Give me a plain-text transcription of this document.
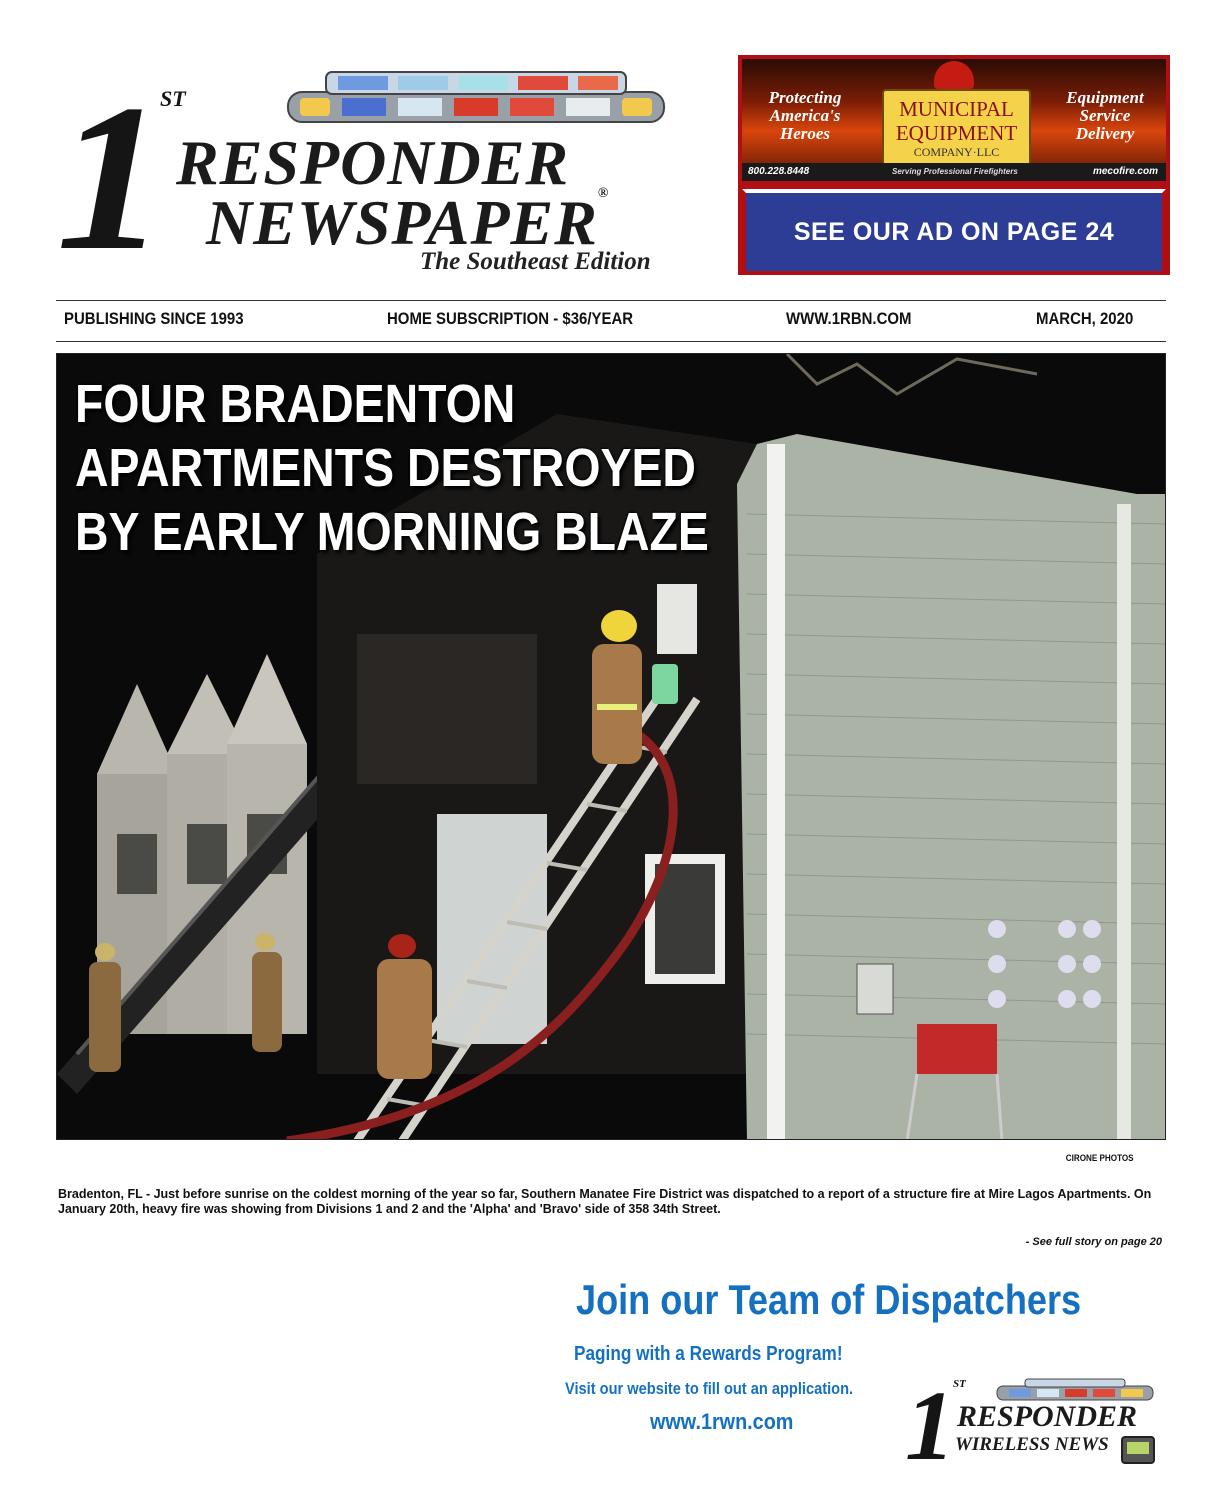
1
ST
RESPONDER
NEWSPAPER®
The Southeast Edition
Protecting America's Heroes
MUNICIPAL
EQUIPMENT
COMPANY·LLC
Equipment Service Delivery
800.228.8448	Serving Professional Firefighters	mecofire.com
SEE OUR AD ON PAGE 24
PUBLISHING SINCE 1993	HOME SUBSCRIPTION - $36/YEAR	WWW.1RBN.COM	MARCH, 2020
FOUR BRADENTON
APARTMENTS DESTROYED
BY EARLY MORNING BLAZE
CIRONE PHOTOS
Bradenton, FL - Just before sunrise on the coldest morning of the year so far, Southern Manatee Fire District was dispatched to a report of a structure fire at Mire Lagos Apartments. On January 20th, heavy fire was showing from Divisions 1 and 2 and the 'Alpha' and 'Bravo' side of 358 34th Street.
- See full story on page 20
Join our Team of Dispatchers
Paging with a Rewards Program!
Visit our website to fill out an application.
www.1rwn.com 1
ST
RESPONDER
WIRELESS NEWS
